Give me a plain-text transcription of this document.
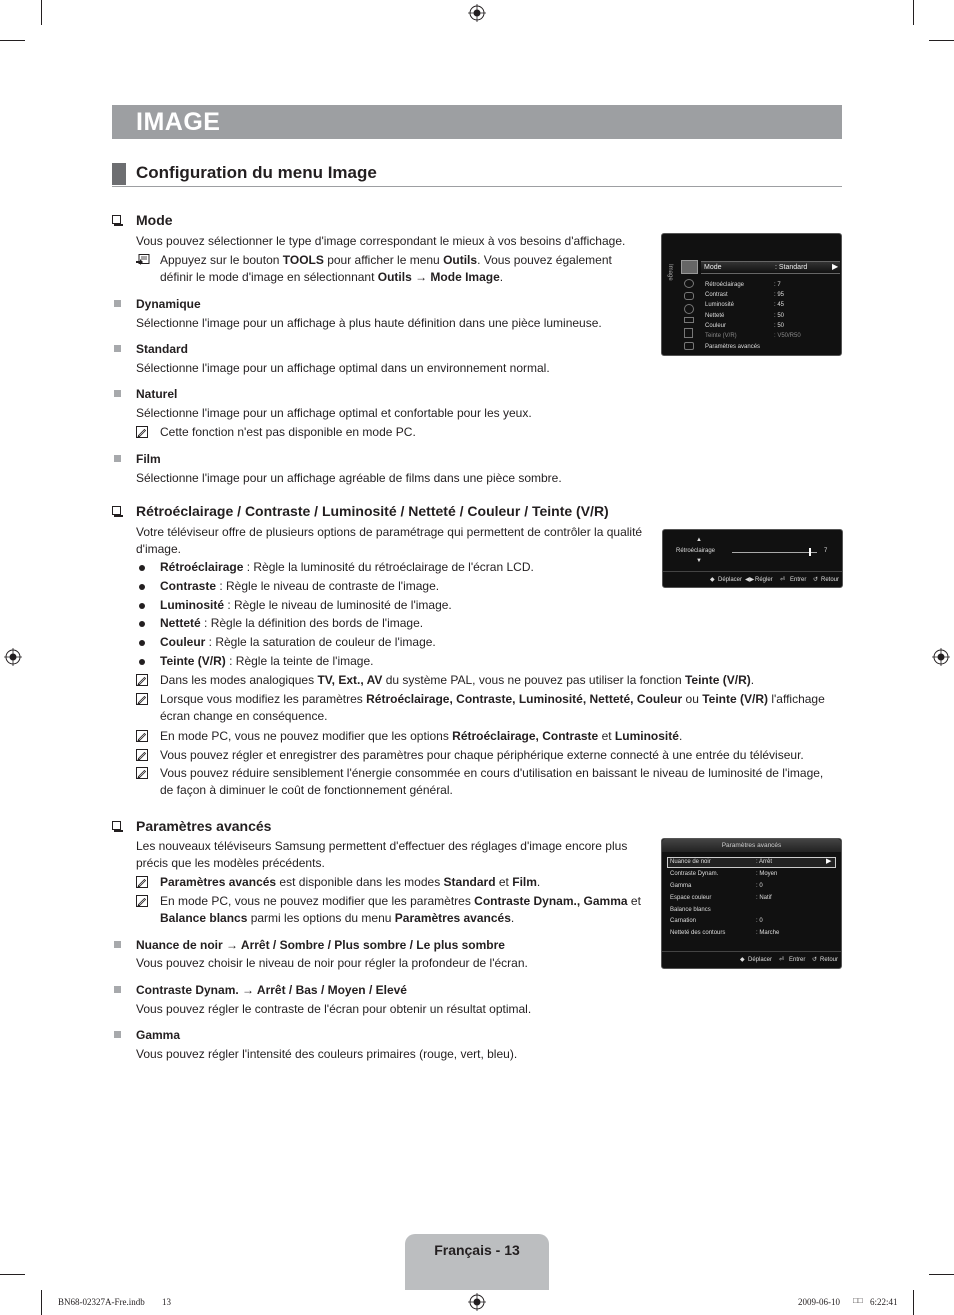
IMAGE
Configuration du menu Image
Mode
Vous pouvez sélectionner le type d'image correspondant le mieux à vos besoins d'affichage.
Appuyez sur le bouton TOOLS pour afficher le menu Outils. Vous pouvez également
définir le mode d'image en sélectionnant Outils → Mode Image.
Dynamique
Sélectionne l'image pour un affichage à plus haute définition dans une pièce lumineuse.
Standard
Sélectionne l'image pour un affichage optimal dans un environnement normal.
Naturel
Sélectionne l'image pour un affichage optimal et confortable pour les yeux.
Cette fonction n'est pas disponible en mode PC.
Film
Sélectionne l'image pour un affichage agréable de films dans une pièce sombre.
Image	Mode	: Standard	▶
Rétroéclairage	: 7
Contrast	: 95
Luminosité	: 45
Netteté	: 50
Couleur	: 50
Teinte (V/R)	: V50/R50
Paramètres avancés
Rétroéclairage / Contraste / Luminosité / Netteté / Couleur / Teinte (V/R)
Votre téléviseur offre de plusieurs options de paramétrage qui permettent de contrôler la qualité
d'image.
Rétroéclairage : Règle la luminosité du rétroéclairage de l'écran LCD.
Contraste : Règle le niveau de contraste de l'image.
Luminosité : Règle le niveau de luminosité de l'image.
Netteté : Règle la définition des bords de l'image.
Couleur : Règle la saturation de couleur de l'image.
Teinte (V/R) : Règle la teinte de l'image.
Dans les modes analogiques TV, Ext., AV du système PAL, vous ne pouvez pas utiliser la fonction Teinte (V/R).
Lorsque vous modifiez les paramètres Rétroéclairage, Contraste, Luminosité, Netteté, Couleur ou Teinte (V/R) l'affichage
écran change en conséquence.
En mode PC, vous ne pouvez modifier que les options Rétroéclairage, Contraste et Luminosité.
Vous pouvez régler et enregistrer des paramètres pour chaque périphérique externe connecté à une entrée du téléviseur.
Vous pouvez réduire sensiblement l'énergie consommée en cours d'utilisation en baissant le niveau de luminosité de l'image,
de façon à diminuer le coût de fonctionnement général.
▲
Rétroéclairage
▼
7
◆ Déplacer ◀▶ Régler ⏎ Entrer ↺ Retour
Paramètres avancés
Les nouveaux téléviseurs Samsung permettent d'effectuer des réglages d'image encore plus
précis que les modèles précédents.
Paramètres avancés est disponible dans les modes Standard et Film.
En mode PC, vous ne pouvez modifier que les paramètres Contraste Dynam., Gamma et
Balance blancs parmi les options du menu Paramètres avancés.
Nuance de noir → Arrêt / Sombre / Plus sombre / Le plus sombre
Vous pouvez choisir le niveau de noir pour régler la profondeur de l'écran.
Contraste Dynam. → Arrêt / Bas / Moyen / Elevé
Vous pouvez régler le contraste de l'écran pour obtenir un résultat optimal.
Gamma
Vous pouvez régler l'intensité des couleurs primaires (rouge, vert, bleu).
Paramètres avancés
Nuance de noir	: Arrêt	▶
Contraste Dynam.	: Moyen
Gamma	: 0
Espace couleur	: Natif
Balance blancs
Carnation	: 0
Netteté des contours	: Marche
◆ Déplacer ⏎ Entrer ↺ Retour
Français - 13
BN68-02327A-Fre.indb 13	2009-06-10 □□ 6:22:41
